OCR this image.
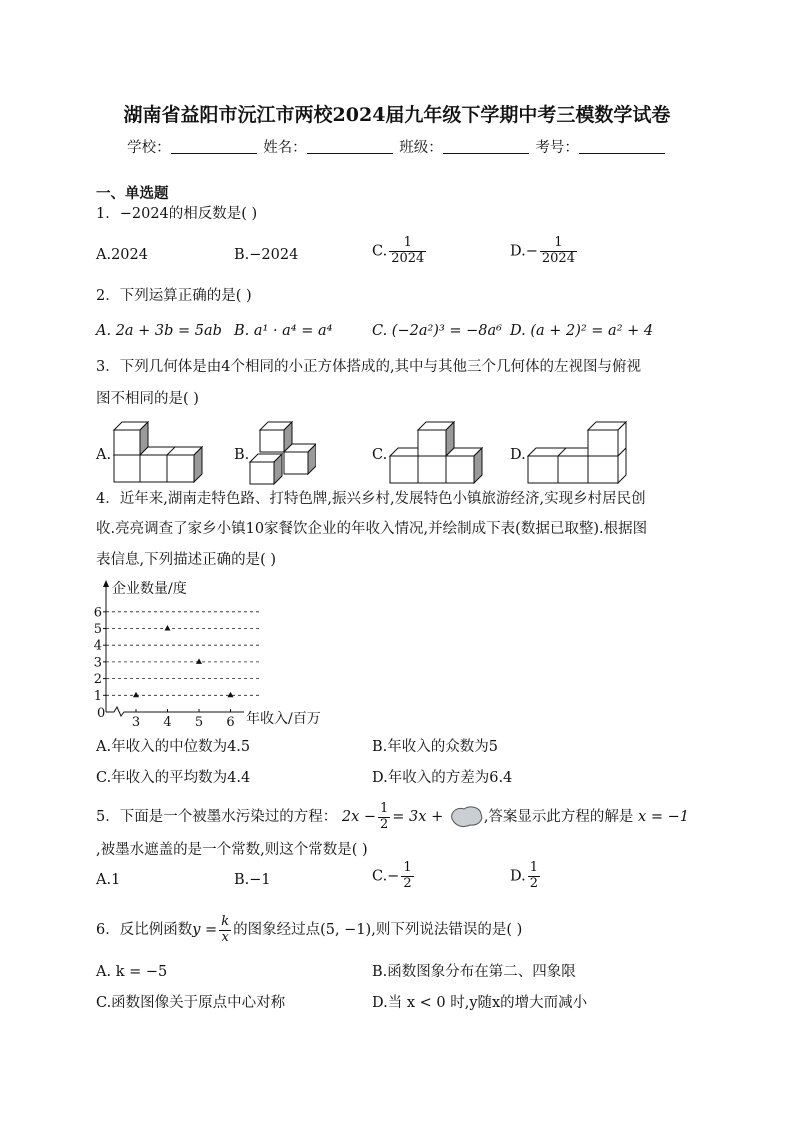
湖南省益阳市沅江市两校2024届九年级下学期中考三模数学试卷
学校：	姓名：	班级：	考号：
一、单选题
1．−2024的相反数是( )
A.2024	B.−2024	C. $\frac{1}{2024}$	$D.- \frac{1}{2024}$
2．下列运算正确的是( )
A. 2a + 3b = 5ab B. a¹ · a⁴ = a⁴	C. (−2a²)³ = −8a⁶ D. (a + 2)² = a² + 4
3．下列几何体是由4个相同的小正方体搭成的,其中与其他三个几何体的左视图与俯视
图不相同的是( )
A.	B.	C.	D.
4．近年来,湖南走特色路、打特色牌,振兴乡村,发展特色小镇旅游经济,实现乡村居民创
收.亮亮调查了家乡小镇10家餐饮企业的年收入情况,并绘制成下表(数据已取整).根据图
表信息,下列描述正确的是( )
1
2
3
4
5
6
3 4 5 6
企业数量/度
年收入/百万
0
A.年收入的中位数为4.5	B.年收入的众数为5
C.年收入的平均数为4.4	D.年收入的方差为6.4
5．下面是一个被墨水污染过的方程： $2x - \frac{1}{2} = 3x$ +	,答案显示此方程的解是 x = −1
,被墨水遮盖的是一个常数,则这个常数是( )
A.1	B.−1	$C.- \frac{1}{2}$	D. $\frac{1}{2}$
6．反比例函数$y = \frac{k}{x}$ 的图象经过点(5, −1),则下列说法错误的是( )
A. k = −5	B.函数图象分布在第二、四象限
C.函数图像关于原点中心对称	D.当 x < 0 时,y随x的增大而减小
